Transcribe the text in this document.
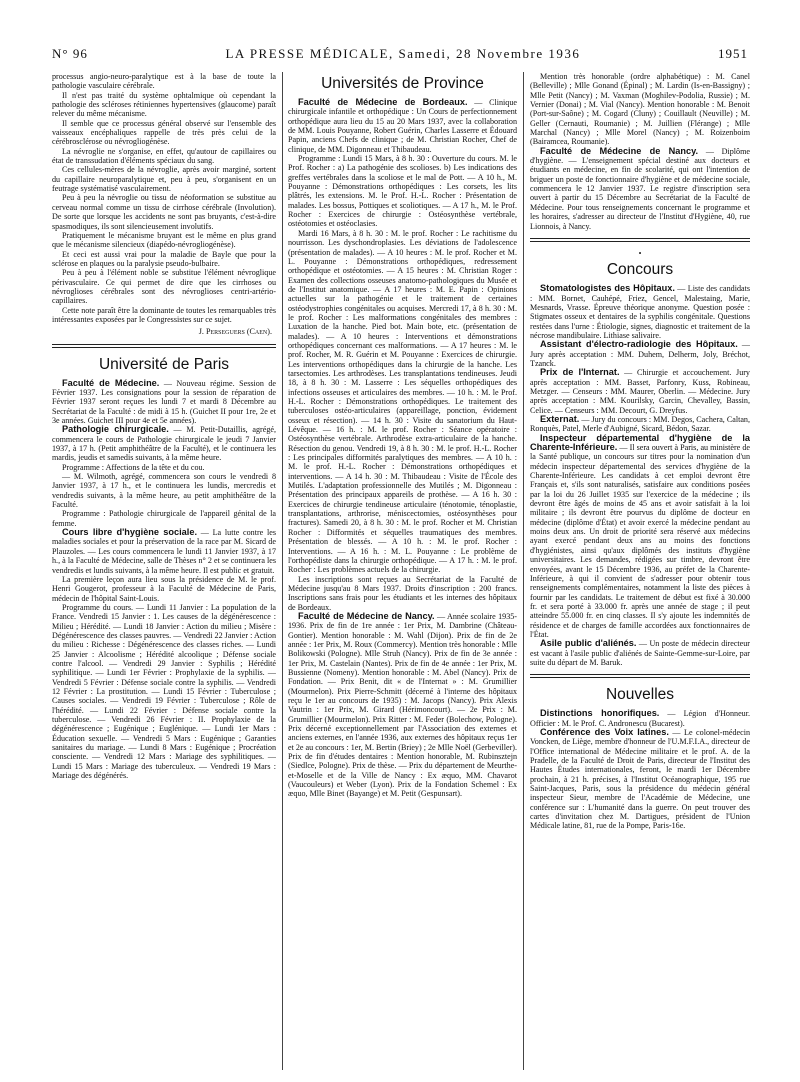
N° 96	LA PRESSE MÉDICALE, Samedi, 28 Novembre 1936	1951

processus angio-neuro-paralytique est à la base de toute la pathologie vasculaire cérébrale.

Il n'est pas traité du système ophtalmique où cependant la pathologie des scléroses rétiniennes hypertensives (glaucome) paraît relever du même mécanisme.

Il semble que ce processus général observé sur l'ensemble des vaisseaux encéphaliques rappelle de très près celui de la cérébrosclérose ou névrogliogénèse.

La névroglie ne s'organise, en effet, qu'autour de capillaires ou état de transsudation d'éléments spéciaux du sang.

Ces cellules-mères de la névroglie, après avoir marginé, sortent du capillaire neuroparalytique et, peu à peu, s'organisent en un feutrage systématisé vasculairement.

Peu à peu la névroglie ou tissu de néoformation se substitue au cerveau normal comme un tissu de cirrhose cérébrale (Involution). De sorte que lorsque les accidents ne sont pas bruyants, c'est-à-dire spasmodiques, ils sont silencieusement involutifs.

Pratiquement le mécanisme bruyant est le même en plus grand que le mécanisme silencieux (diapédo-névrogliogénèse).

Et ceci est aussi vrai pour la maladie de Bayle que pour la sclérose en plaques ou la paralysie pseudo-bulbaire.

Peu à peu à l'élément noble se substitue l'élément névroglique périvasculaire. Ce qui permet de dire que les cirrhoses ou névroglioses cérébrales sont des névroglioses centri-artério-capillaires.

Cette note paraît être la dominante de toutes les remarquables très intéressantes exposées par le Congressistes sur ce sujet.

J. Perseguers (Caen).
Université de Paris

Faculté de Médecine. — Nouveau régime. Session de Février 1937. Les consignations pour la session de réparation de Février 1937 seront reçues les lundi 7 et mardi 8 Décembre au Secrétariat de la Faculté : de midi à 15 h. (Guichet II pour 1re, 2e et 3e années. Guichet III pour 4e et 5e années).

Pathologie chirurgicale. — M. Petit-Dutaillis, agrégé, commencera le cours de Pathologie chirurgicale le jeudi 7 Janvier 1937, à 17 h. (Petit amphithéâtre de la Faculté), et le continuera les mardis, jeudis et samedis suivants, à la même heure.

Programme : Affections de la tête et du cou.

— M. Wilmoth, agrégé, commencera son cours le vendredi 8 Janvier 1937, à 17 h., et le continuera les lundis, mercredis et vendredis suivants, à la même heure, au petit amphithéâtre de la Faculté.

Programme : Pathologie chirurgicale de l'appareil génital de la femme.

Cours libre d'hygiène sociale. — La lutte contre les maladies sociales et pour la préservation de la race par M. Sicard de Plauzoles. — Les cours commencera le lundi 11 Janvier 1937, à 17 h., à la Faculté de Médecine, salle de Thèses n° 2 et se continuera les vendredis et lundis suivants, à la même heure. Il est public et gratuit.

La première leçon aura lieu sous la présidence de M. le prof. Henri Gougerot, professeur à la Faculté de Médecine de Paris, médecin de l'hôpital Saint-Louis.

Programme du cours. — Lundi 11 Janvier : La population de la France. Vendredi 15 Janvier : 1. Les causes de la dégénérescence : Milieu ; Hérédité. — Lundi 18 Janvier : Action du milieu ; Misère : Dégénérescence des classes pauvres. — Vendredi 22 Janvier : Action du milieu : Richesse : Dégénérescence des classes riches. — Lundi 25 Janvier : Alcoolisme ; Hérédité alcoolique ; Défense sociale contre l'alcool. — Vendredi 29 Janvier : Syphilis ; Hérédité syphilitique. — Lundi 1er Février : Prophylaxie de la syphilis. — Vendredi 5 Février : Défense sociale contre la syphilis. — Vendredi 12 Février : La prostitution. — Lundi 15 Février : Tuberculose ; Causes sociales. — Vendredi 19 Février : Tuberculose ; Rôle de l'hérédité. — Lundi 22 Février : Défense sociale contre la tuberculose. — Vendredi 26 Février : II. Prophylaxie de la dégénérescence ; Eugénique ; Euglénique. — Lundi 1er Mars : Éducation sexuelle. — Vendredi 5 Mars : Eugénique ; Garanties sanitaires du mariage. — Lundi 8 Mars : Eugénique ; Procréation consciente. — Vendredi 12 Mars : Mariage des syphilitiques. — Lundi 15 Mars : Mariage des tuberculeux. — Vendredi 19 Mars : Mariage des dégénérés.

Universités de Province

Faculté de Médecine de Bordeaux. — Clinique chirurgicale infantile et orthopédique : Un Cours de perfectionnement orthopédique aura lieu du 15 au 20 Mars 1937, avec la collaboration de MM. Louis Pouyanne, Robert Guérin, Charles Lasserre et Édouard Papin, anciens Chefs de clinique ; de M. Christian Rocher, Chef de clinique, de MM. Digonneau et Thibaudeau.

Programme : Lundi 15 Mars, à 8 h. 30 : Ouverture du cours. M. le Prof. Rocher : a) La pathogénie des scolioses. b) Les indications des greffes vertébrales dans la scoliose et le mal de Pott. — A 10 h., M. Pouyanne : Démonstrations orthopédiques : Les corsets, les lits plâtrés, les extensions. M. le Prof. H.-L. Rocher : Présentation de malades. Les bossus, Pottiques et scoliotiques. — A 17 h., M. le Prof. Rocher : Exercices de chirurgie : Ostéosynthèse vertébrale, ostéotomies et ostéoclasies.

Mardi 16 Mars, à 8 h. 30 : M. le prof. Rocher : Le rachitisme du nourrisson. Les dyschondroplasies. Les déviations de l'adolescence (présentation de malades). — A 10 heures : M. le prof. Rocher et M. L. Pouyanne : Démonstrations orthopédiques, redressement orthopédique et ostéotomies. — A 15 heures : M. Christian Roger : Examen des collections osseuses anatomo-pathologiques du Musée et de l'Institut anatomique. — A 17 heures : M. E. Papin : Opinions actuelles sur la pathogénie et le traitement de certaines ostéodystrophies congénitales ou acquises. Mercredi 17, à 8 h. 30 : M. le prof. Rocher : Les malformations congénitales des membres : Luxation de la hanche. Pied bot. Main bote, etc. (présentation de malades). — A 10 heures : Interventions et démonstrations orthopédiques concernant ces malformations. — A 17 heures : M. le prof. Rocher, M. R. Guérin et M. Pouyanne : Exercices de chirurgie. Les interventions orthopédiques dans la chirurgie de la hanche. Les tarsectomies. Les arthrodèses. Les transplantations tendineuses. Jeudi 18, à 8 h. 30 : M. Lasserre : Les séquelles orthopédiques des infections osseuses et articulaires des membres. — 10 h. : M. le Prof. H.-L. Rocher : Démonstrations orthopédiques. Le traitement des tuberculoses ostéo-articulaires (appareillage, ponction, évidement osseux et résection). — 14 h. 30 : Visite du sanatorium du Haut-Lévêque. — 16 h. : M. le prof. Rocher : Séance opératoire : Ostéosynthèse vertébrale. Arthrodèse extra-articulaire de la hanche. Résection du genou. Vendredi 19, à 8 h. 30 : M. le prof. H.-L. Rocher : Les principales difformités paralytiques des membres. — A 10 h. : M. le prof. H.-L. Rocher : Démonstrations orthopédiques et interventions. — A 14 h. 30 : M. Thibaudeau : Visite de l'École des Mutilés. L'adaptation professionnelle des Mutilés ; M. Digonneau : Présentation des principaux appareils de prothèse. — A 16 h. 30 : Exercices de chirurgie tendineuse articulaire (ténotomie, ténoplastie, transplantations, arthrorise, méniscectomies, ostéosynthèses pour fractures). Samedi 20, à 8 h. 30 : M. le prof. Rocher et M. Christian Rocher : Difformités et séquelles traumatiques des membres. Présentation de blessés. — A 10 h. : M. le prof. Rocher : Interventions. — A 16 h. : M. L. Pouyanne : Le problème de l'orthopédiste dans la chirurgie orthopédique. — A 17 h. : M. le prof. Rocher : Les problèmes actuels de la chirurgie.

Les inscriptions sont reçues au Secrétariat de la Faculté de Médecine jusqu'au 8 Mars 1937. Droits d'inscription : 200 francs. Inscriptions sans frais pour les étudiants et les internes des hôpitaux de Bordeaux.

Faculté de Médecine de Nancy. — Année scolaire 1935-1936. Prix de fin de 1re année : 1er Prix, M. Dambrine (Château-Gontier). Mention honorable : M. Wahl (Dijon). Prix de fin de 2e année : 1er Prix, M. Roux (Commercy). Mention très honorable : Mlle Bolikowski (Pologne). Mlle Struh (Nancy). Prix de fin de 3e année : 1er Prix, M. Castelain (Nantes). Prix de fin de 4e année : 1er Prix, M. Bussienne (Nomeny). Mention honorable : M. Abel (Nancy). Prix de Fondation. — Prix Benit, dit « de l'Internat » : M. Grumillier (Mourmelon). Prix Pierre-Schmitt (décerné à l'interne des hôpitaux reçu le 1er au concours de 1935) : M. Jacops (Nancy). Prix Alexis Vautrin : 1er Prix, M. Girard (Hérimoncourt). — 2e Prix : M. Grumillier (Mourmelon). Prix Ritter : M. Feder (Bolechow, Pologne). Prix décerné exceptionnellement par l'Association des externes et anciens externes, en l'année 1936, aux externes des hôpitaux reçus 1er et 2e au concours : 1er, M. Bertin (Briey) ; 2e Mlle Noël (Gerbeviller). Prix de fin d'études dentaires : Mention honorable, M. Rubinsztejn (Siedlce, Pologne). Prix de thèse. — Prix du département de Meurthe-et-Moselle et de la Ville de Nancy : Ex æquo, MM. Chavarot (Vaucouleurs) et Weber (Lyon). Prix de la Fondation Schemel : Ex æquo, Mlle Binet (Bayange) et M. Petit (Gespunsart).

Mention très honorable (ordre alphabétique) : M. Canel (Belleville) ; Mlle Gonand (Épinal) ; M. Lardin (Is-en-Bassigny) ; Mlle Petit (Nancy) ; M. Vaxman (Moghilev-Podolia, Russie) ; M. Vernier (Donai) ; M. Vial (Nancy). Mention honorable : M. Benoit (Port-sur-Saône) ; M. Cogard (Cluny) ; Couillault (Neuville) ; M. Geller (Cernauti, Roumanie) ; M. Juillien (Flérange) ; Mlle Marchal (Nancy) ; Mlle Morel (Nancy) ; M. Roizenboim (Bairamcea, Roumanie).

Faculté de Médecine de Nancy. — Diplôme d'hygiène. — L'enseignement spécial destiné aux docteurs et étudiants en médecine, en fin de scolarité, qui ont l'intention de briguer un poste de fonctionnaire d'hygiène et de médecine sociale, commencera le 12 Janvier 1937. Le registre d'inscription sera ouvert à partir du 15 Décembre au Secrétariat de la Faculté de Médecine. Pour tous renseignements concernant le programme et les horaires, s'adresser au directeur de l'Institut d'Hygiène, 40, rue Lionnois, à Nancy.

•
Concours

Stomatologistes des Hôpitaux. — Liste des candidats : MM. Bornet, Cauhépé, Friez, Gencel, Malestaing, Marie, Mesnards, Vrasse. Épreuve théorique anonyme. Question posée : Stigmates osseux et dentaires de la syphilis congénitale. Questions restées dans l'urne : Étiologie, signes, diagnostic et traitement de la nécrose mandibulaire. Lithiase salivaire.

Assistant d'électro-radiologie des Hôpitaux. — Jury après acceptation : MM. Duhem, Delherm, Joly, Bréchot, Tzanck.

Prix de l'Internat. — Chirurgie et accouchement. Jury après acceptation : MM. Basset, Parfonry, Kuss, Robineau, Metzger. — Censeurs : MM. Maurer, Oberlin. — Médecine. Jury après acceptation : MM. Kourilsky, Garcin, Chevalley, Bassin, Celice. — Censeurs : MM. Decourt, G. Dreyfus.

Externat. — Jury du concours : MM. Degos, Cachera, Caltan, Ronquès, Patel, Merle d'Aubigné, Sicard, Bédon, Sazar.

Inspecteur départemental d'hygiène de la Charente-Inférieure. — Il sera ouvert à Paris, au ministère de la Santé publique, un concours sur titres pour la nomination d'un médecin inspecteur départemental des services d'hygiène de la Charente-Inférieure. Les candidats à cet emploi devront être Français et, s'ils sont naturalisés, satisfaire aux conditions posées par la loi du 26 Juillet 1935 sur l'exercice de la médecine ; ils devront être âgés de moins de 45 ans et avoir satisfait à la loi militaire ; ils devront être pourvus du diplôme de docteur en médecine (diplôme d'État) et avoir exercé la médecine pendant au moins deux ans. Un droit de priorité sera réservé aux médecins ayant exercé pendant deux ans au moins des fonctions d'hygiénistes, ainsi qu'aux diplômés des instituts d'hygiène universitaires. Les demandes, rédigées sur timbre, devront être envoyées, avant le 15 Décembre 1936, au préfet de la Charente-Inférieure, à qui il convient de s'adresser pour obtenir tous renseignements complémentaires, notamment la liste des pièces à fournir par les candidats. Le traitement de début est fixé à 30.000 fr. et sera porté à 33.000 fr. après une année de stage ; il peut atteindre 55.000 fr. en cinq classes. Il s'y ajoute les indemnités de résidence et de charges de famille accordées aux fonctionnaires de l'État.

Asile public d'aliénés. — Un poste de médecin directeur est vacant à l'asile public d'aliénés de Sainte-Gemme-sur-Loire, par suite du départ de M. Baruk.

Nouvelles

Distinctions honorifiques. — Légion d'Honneur. Officier : M. le Prof. C. Andronescu (Bucarest).

Conférence des Voix latines. — Le colonel-médecin Voncken, de Liège, membre d'honneur de l'U.M.F.I.A., directeur de l'Office international de Médecine militaire et le prof. A. de la Pradelle, de la Faculté de Droit de Paris, directeur de l'Institut des Hautes Études internationales, feront, le mardi 1er Décembre prochain, à 21 h. précises, à l'Institut Océanographique, 195 rue Saint-Jacques, Paris, sous la présidence du médecin général inspecteur Sieur, membre de l'Académie de Médecine, une conférence sur : L'humanité dans la guerre. On peut trouver des cartes d'invitation chez M. Dartigues, président de l'Union Médicale latine, 81, rue de la Pompe, Paris-16e.
